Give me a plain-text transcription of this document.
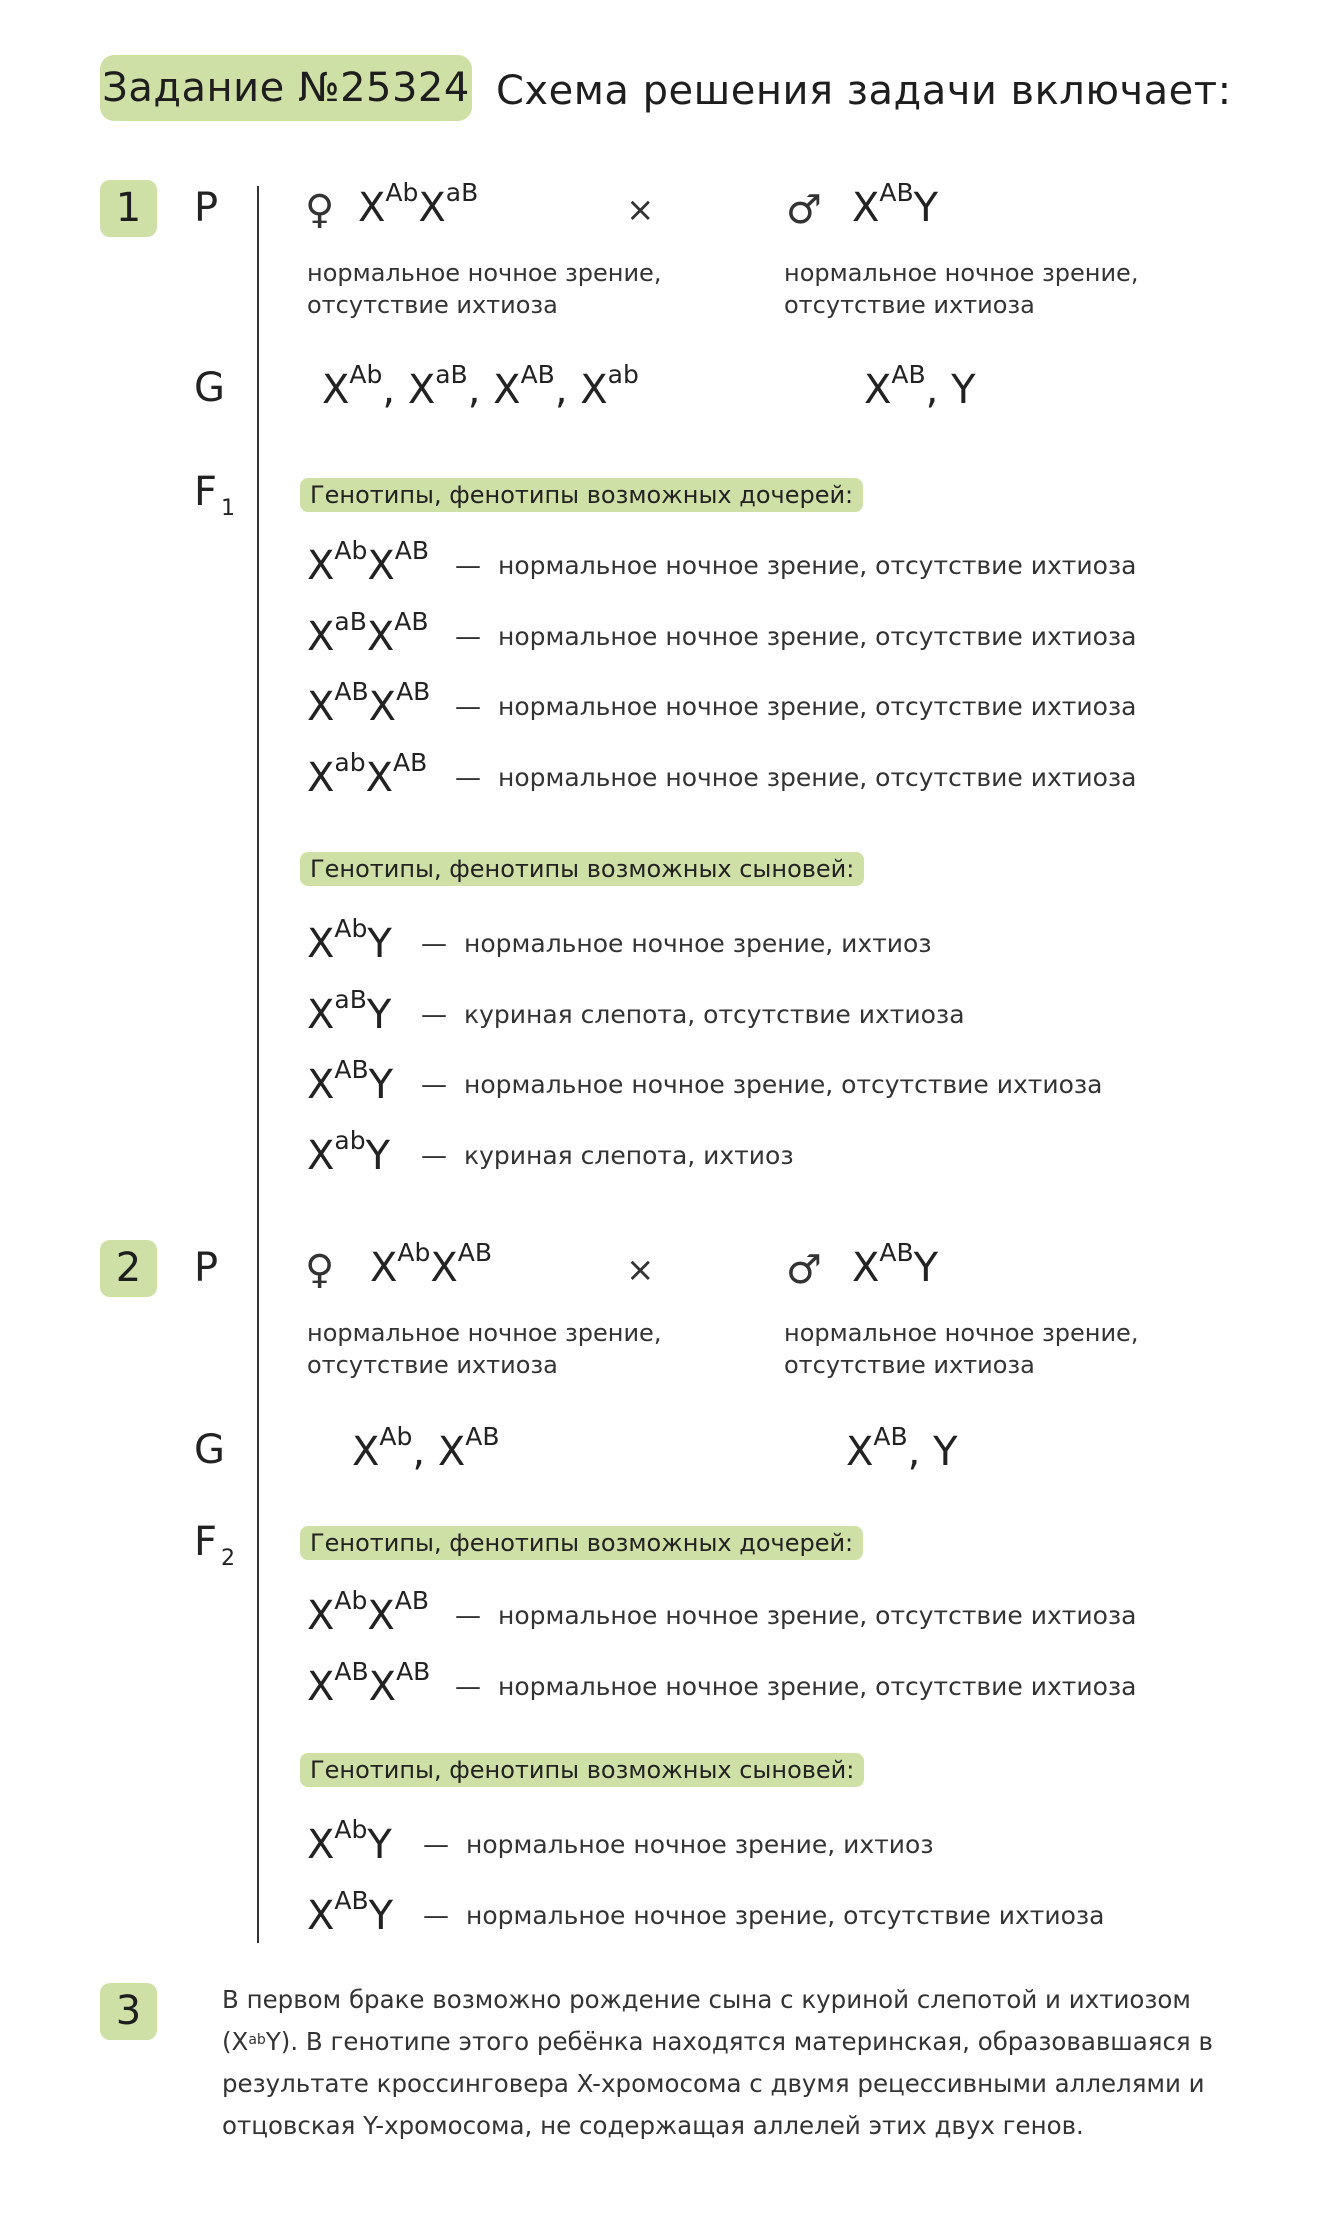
Задание №25324 Схема решения задачи включает:
1
2
3
P
G
F $_1$
♀ $X^{Ab}X^{aB}$	×	♂ $X^{AB}Y$
нормальное ночное зрение,
отсутствие ихтиоза
нормальное ночное зрение,
отсутствие ихтиоза
$X^{Ab}$, $X^{aB}$, $X^{AB}$, $X^{ab}$	$X^{AB}$, Y
Генотипы, фенотипы возможных дочерей:
$X^{Ab}X^{AB}$
— нормальное ночное зрение, отсутствие ихтиоза
$X^{aB}X^{AB}$
— нормальное ночное зрение, отсутствие ихтиоза
$X^{AB}X^{AB}$
— нормальное ночное зрение, отсутствие ихтиоза
$X^{ab}X^{AB}$
— нормальное ночное зрение, отсутствие ихтиоза
Генотипы, фенотипы возможных сыновей:
$X^{Ab}Y$ — нормальное ночное зрение, ихтиоз
$X^{aB}Y$ — куриная слепота, отсутствие ихтиоза
$X^{AB}Y$ — нормальное ночное зрение, отсутствие ихтиоза
$X^{ab}Y$ — куриная слепота, ихтиоз
P
G
F $_2$
♀ $X^{Ab}X^{AB}$	×	♂ $X^{AB}Y$
нормальное ночное зрение,
отсутствие ихтиоза
нормальное ночное зрение,
отсутствие ихтиоза
$X^{Ab}$, $X^{AB}$	$X^{AB}$, Y
Генотипы, фенотипы возможных дочерей:
$X^{Ab}X^{AB}$
— нормальное ночное зрение, отсутствие ихтиоза
$X^{AB}X^{AB}$
— нормальное ночное зрение, отсутствие ихтиоза
Генотипы, фенотипы возможных сыновей:
$X^{Ab}Y$ — нормальное ночное зрение, ихтиоз
$X^{AB}Y$ — нормальное ночное зрение, отсутствие ихтиоза
В первом браке возможно рождение сына с куриной слепотой и ихтиозом $(X^{ab}Y)$. В генотипе этого ребёнка находятся материнская, образовавшаяся в результате кроссинговера X-хромосома с двумя рецессивными аллелями и отцовская Y-хромосома, не содержащая аллелей этих двух генов.
